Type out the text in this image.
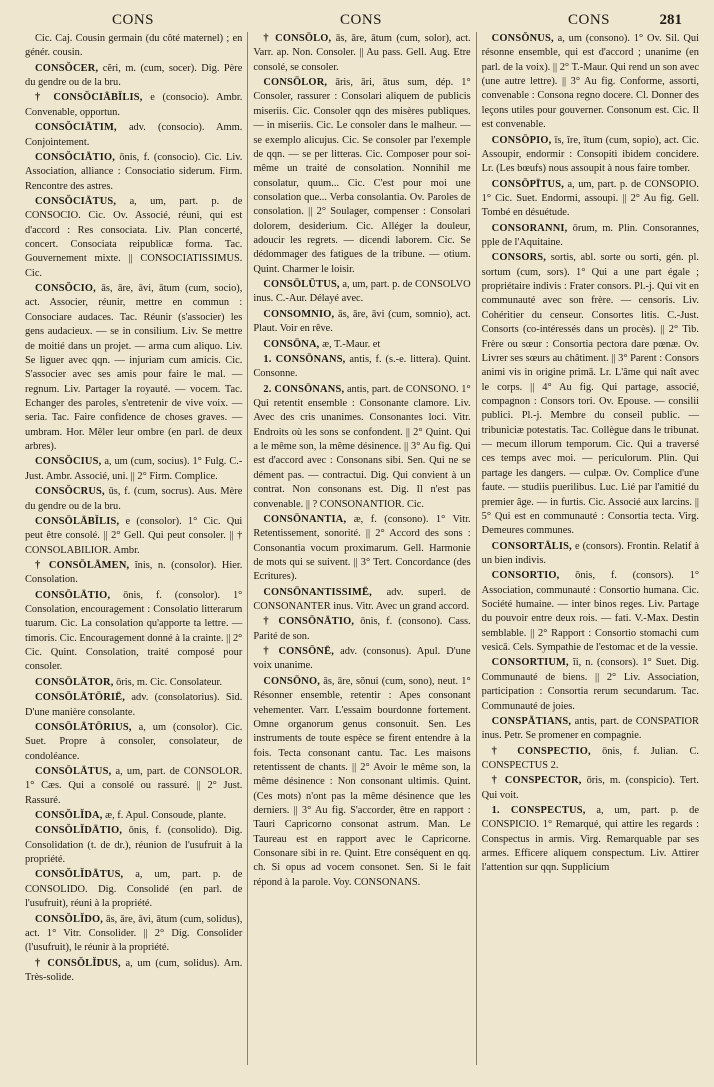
CONS	CONS	CONS	281

Cic. Caj. Cousin germain (du côté maternel) ; en génér. cousin.

CONSŎCER, cĕri, m. (cum, socer). Dig. Père du gendre ou de la bru.

† CONSŎCIĀBĬLIS, e (consocio). Ambr. Convenable, opportun.

CONSŎCIĀTIM, adv. (consocio). Amm. Conjointement.

CONSŎCIĀTIO, ōnis, f. (consocio). Cic. Liv. Association, alliance : Consociatio siderum. Firm. Rencontre des astres.

CONSŎCIĀTUS, a, um, part. p. de CONSOCIO. Cic. Ov. Associé, réuni, qui est d'accord : Res consociata. Liv. Plan concerté, concert. Consociata reipublicæ forma. Tac. Gouvernement mixte. || CONSOCIATISSIMUS. Cic.

CONSŎCIO, ās, āre, āvi, ātum (cum, socio), act. Associer, réunir, mettre en commun : Consociare audaces. Tac. Réunir (s'associer) les gens audacieux. — se in consilium. Liv. Se mettre de moitié dans un projet. — arma cum aliquo. Liv. Se liguer avec qqn. — injuriam cum amicis. Cic. S'associer avec ses amis pour faire le mal. — regnum. Liv. Partager la royauté. — vocem. Tac. Echanger des paroles, s'entretenir de vive voix. — seria. Tac. Faire confidence de choses graves. — umbram. Hor. Mêler leur ombre (en parl. de deux arbres).

CONSŎCIUS, a, um (cum, socius). 1° Fulg. C.-Just. Ambr. Associé, uni. || 2° Firm. Complice.

CONSŎCRUS, ūs, f. (cum, socrus). Aus. Mère du gendre ou de la bru.

CONSŌLĀBĬLIS, e (consolor). 1° Cic. Qui peut être consolé. || 2° Gell. Qui peut consoler. || † CONSOLABILIOR. Ambr.

† CONSŌLĀMEN, ĭnis, n. (consolor). Hier. Consolation.

CONSŌLĀTIO, ōnis, f. (consolor). 1° Consolation, encouragement : Consolatio litterarum tuarum. Cic. La consolation qu'apporte ta lettre. — timoris. Cic. Encouragement donné à la crainte. || 2° Cic. Quint. Consolation, traité composé pour consoler.

CONSŌLĀTOR, ōris, m. Cic. Consolateur.

CONSŌLĀTŌRIĒ, adv. (consolatorius). Sid. D'une manière consolante.

CONSŌLĀTŌRIUS, a, um (consolor). Cic. Suet. Propre à consoler, consolateur, de condoléance.

CONSŌLĀTUS, a, um, part. de CONSOLOR. 1° Cæs. Qui a consolé ou rassuré. || 2° Just. Rassuré.

CONSŎLĬDA, æ, f. Apul. Consoude, plante.

CONSŎLĬDĀTIO, ōnis, f. (consolido). Dig. Consolidation (t. de dr.), réunion de l'usufruit à la propriété.

CONSŎLĬDĀTUS, a, um, part. p. de CONSOLIDO. Dig. Consolidé (en parl. de l'usufruit), réuni à la propriété.

CONSŎLĬDO, ās, āre, āvi, ātum (cum, solidus), act. 1° Vitr. Consolider. || 2° Dig. Consolider (l'usufruit), le réunir à la propriété.

† CONSŎLĬDUS, a, um (cum, solidus). Arn. Très-solide.

† CONSŌLO, ās, āre, ātum (cum, solor), act. Varr. ap. Non. Consoler. || Au pass. Gell. Aug. Etre consolé, se consoler.

CONSŌLOR, āris, āri, ātus sum, dép. 1° Consoler, rassurer : Consolari aliquem de publicis miseriis. Cic. Consoler qqn des misères publiques. — in miseriis. Cic. Le consoler dans le malheur. — se exemplo alicujus. Cic. Se consoler par l'exemple de qqn. — se per litteras. Cic. Composer pour soi-même un traité de consolation. Nonnihil me consolatur, quum... Cic. C'est pour moi une consolation que... Verba consolantia. Ov. Paroles de consolation. || 2° Soulager, compenser : Consolari dolorem, desiderium. Cic. Alléger la douleur, adoucir les regrets. — dicendi laborem. Cic. Se dédommager des fatigues de la tribune. — otium. Quint. Charmer le loisir.

CONSŌLŪTUS, a, um, part. p. de CONSOLVO inus. C.-Aur. Délayé avec.

CONSOMNIO, ās, āre, āvi (cum, somnio), act. Plaut. Voir en rêve.

CONSŌNA, æ, T.-Maur. et

1. CONSŌNANS, antis, f. (s.-e. littera). Quint. Consonne.

2. CONSŌNANS, antis, part. de CONSONO. 1° Qui retentit ensemble : Consonante clamore. Liv. Avec des cris unanimes. Consonantes loci. Vitr. Endroits où les sons se confondent. || 2° Quint. Qui a le même son, la même désinence. || 3° Au fig. Qui est d'accord avec : Consonans sibi. Sen. Qui ne se dément pas. — contractui. Dig. Qui convient à un contrat. Non consonans est. Dig. Il n'est pas convenable. || ? CONSONANTIOR. Cic.

CONSŌNANTIA, æ, f. (consono). 1° Vitr. Retentissement, sonorité. || 2° Accord des sons : Consonantia vocum proximarum. Gell. Harmonie de mots qui se suivent. || 3° Tert. Concordance (des Ecritures).

CONSŌNANTISSIMĒ, adv. superl. de CONSONANTER inus. Vitr. Avec un grand accord.

† CONSŌNĀTIO, ōnis, f. (consono). Cass. Parité de son.

† CONSŌNĒ, adv. (consonus). Apul. D'une voix unanime.

CONSŌNO, ās, āre, sŏnui (cum, sono), neut. 1° Résonner ensemble, retentir : Apes consonant vehementer. Varr. L'essaim bourdonne fortement. Omne organorum genus consonuit. Sen. Les instruments de toute espèce se firent entendre à la fois. Tecta consonant cantu. Tac. Les maisons retentissent de chants. || 2° Avoir le même son, la même désinence : Non consonant ultimis. Quint. (Ces mots) n'ont pas la même désinence que les derniers. || 3° Au fig. S'accorder, être en rapport : Tauri Capricorno consonat astrum. Man. Le Taureau est en rapport avec le Capricorne. Consonare sibi in re. Quint. Etre conséquent en qq. ch. Si opus ad vocem consonet. Sen. Si le fait répond à la parole. Voy. CONSONANS.

CONSŎNUS, a, um (consono). 1° Ov. Sil. Qui résonne ensemble, qui est d'accord ; unanime (en parl. de la voix). || 2° T.-Maur. Qui rend un son avec (une autre lettre). || 3° Au fig. Conforme, assorti, convenable : Consona regno docere. Cl. Donner des leçons utiles pour gouverner. Consonum est. Cic. Il est convenable.

CONSŌPIO, īs, īre, ītum (cum, sopio), act. Cic. Assoupir, endormir : Consopiti ibidem concidere. Lr. (Les bœufs) nous assoupit à nous faire tomber.

CONSŌPĪTUS, a, um, part. p. de CONSOPIO. 1° Cic. Suet. Endormi, assoupi. || 2° Au fig. Gell. Tombé en désuétude.

CONSORANNI, ōrum, m. Plin. Consorannes, pple de l'Aquitaine.

CONSORS, sortis, abl. sorte ou sorti, gén. pl. sortum (cum, sors). 1° Qui a une part égale ; propriétaire indivis : Frater consors. Pl.-j. Qui vit en communauté avec son frère. — censoris. Liv. Cohéritier du censeur. Consortes litis. C.-Just. Consorts (co-intéressés dans un procès). || 2° Tib. Frère ou sœur : Consortia pectora dare pœnæ. Ov. Livrer ses sœurs au châtiment. || 3° Parent : Consors animi vis in origine primā. Lr. L'âme qui naît avec le corps. || 4° Au fig. Qui partage, associé, compagnon : Consors tori. Ov. Epouse. — consilii publici. Pl.-j. Membre du conseil public. — tribuniciæ potestatis. Tac. Collègue dans le tribunat. — mecum illorum temporum. Cic. Qui a traversé ces temps avec moi. — periculorum. Plin. Qui partage les dangers. — culpæ. Ov. Complice d'une faute. — studiis puerilibus. Luc. Lié par l'amitié du premier âge. — in furtis. Cic. Associé aux larcins. || 5° Qui est en communauté : Consortia tecta. Virg. Demeures communes.

CONSORTĀLIS, e (consors). Frontin. Relatif à un bien indivis.

CONSORTIO, ōnis, f. (consors). 1° Association, communauté : Consortio humana. Cic. Société humaine. — inter binos reges. Liv. Partage du pouvoir entre deux rois. — fati. V.-Max. Destin semblable. || 2° Rapport : Consortio stomachi cum vesicā. Cels. Sympathie de l'estomac et de la vessie.

CONSORTIUM, ĭi, n. (consors). 1° Suet. Dig. Communauté de biens. || 2° Liv. Association, participation : Consortia rerum secundarum. Tac. Communauté de joies.

CONSPĀTIANS, antis, part. de CONSPATIOR inus. Petr. Se promener en compagnie.

† CONSPECTIO, ōnis, f. Julian. C. CONSPECTUS 2.

† CONSPECTOR, ōris, m. (conspicio). Tert. Qui voit.

1. CONSPECTUS, a, um, part. p. de CONSPICIO. 1° Remarqué, qui attire les regards : Conspectus in armis. Virg. Remarquable par ses armes. Efficere aliquem conspectum. Liv. Attirer l'attention sur qqn. Supplicium
